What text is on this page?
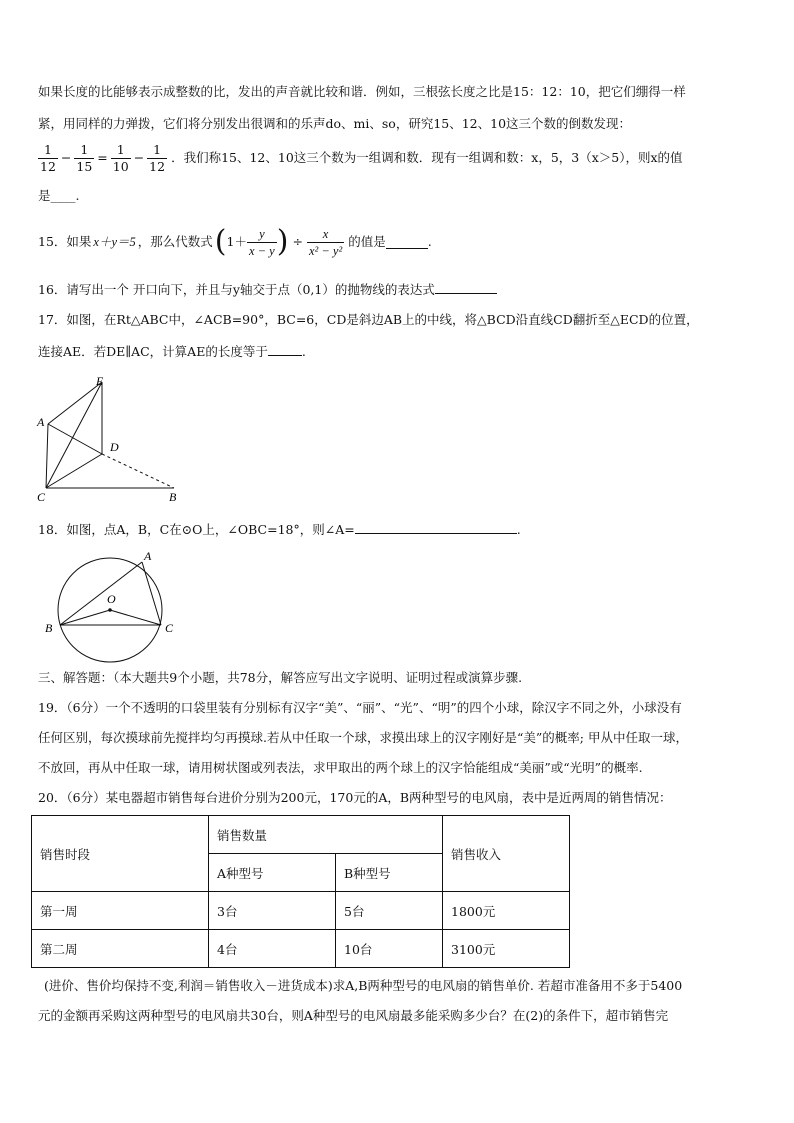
如果长度的比能够表示成整数的比，发出的声音就比较和谐．例如，三根弦长度之比是15：12：10，把它们绷得一样
紧，用同样的力弹拨，它们将分别发出很调和的乐声do、mi、so，研究15、12、10这三个数的倒数发现：
$\frac{1}{12} - \frac{1}{15} = \frac{1}{10} - \frac{1}{12}$ ．我们称15、12、10这三个数为一组调和数．现有一组调和数：x，5，3（x＞5），则x的值
是____.
15．如果 x＋y＝5 ，那么代数式 ( $1+ \frac{y}{x - y}$ ) ÷ $\frac{x}{\text{x² − y²}}$ 的值是	.
16．请写出一个 开口向下，并且与y轴交于点（0,1）的抛物线的表达式
17．如图，在Rt△ABC中，∠ACB=90°，BC=6，CD是斜边AB上的中线，将△BCD沿直线CD翻折至△ECD的位置，
连接AE．若DE∥AC，计算AE的长度等于	.
E
A
D
C	B
18．如图，点A，B，C在⊙O上，∠OBC=18°，则∠A=	.
A
O
B	C
三、解答题：（本大题共9个小题，共78分，解答应写出文字说明、证明过程或演算步骤.
19．（6分）一个不透明的口袋里装有分别标有汉字“美”、“丽”、“光”、“明”的四个小球，除汉字不同之外，小球没有
任何区别，每次摸球前先搅拌均匀再摸球.若从中任取一个球，求摸出球上的汉字刚好是“美”的概率; 甲从中任取一球，
不放回，再从中任取一球，请用树状图或列表法，求甲取出的两个球上的汉字恰能组成“美丽”或“光明”的概率.
20．（6分）某电器超市销售每台进价分别为200元，170元的A，B两种型号的电风扇，表中是近两周的销售情况：
销售时段	销售数量		销售收入
	A种型号	B种型号	
第一周	3台	5台	1800元
第二周	4台	10台	3100元
(进价、售价均保持不变,利润＝销售收入－进货成本)求A,B两种型号的电风扇的销售单价. 若超市准备用不多于5400
元的金额再采购这两种型号的电风扇共30台，则A种型号的电风扇最多能采购多少台？在(2)的条件下，超市销售完
